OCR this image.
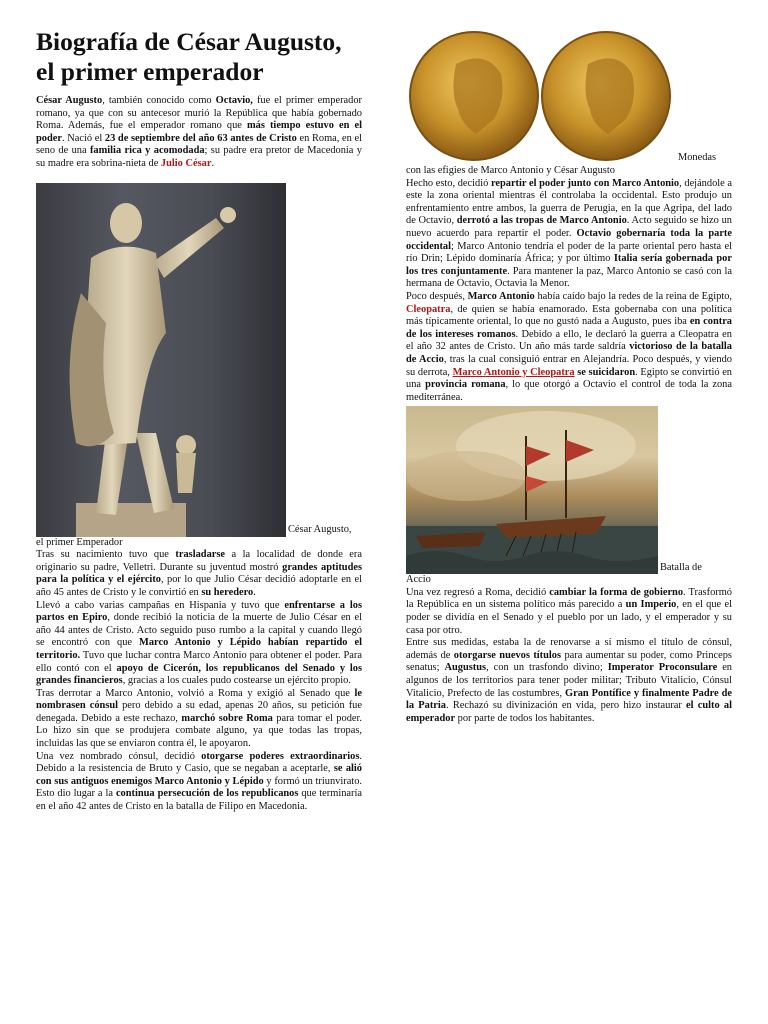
Biografía de César Augusto, el primer emperador

César Augusto, también conocido como Octavio, fue el primer emperador romano, ya que con su antecesor murió la República que había gobernado Roma. Además, fue el emperador romano que más tiempo estuvo en el poder. Nació el 23 de septiembre del año 63 antes de Cristo en Roma, en el seno de una familia rica y acomodada; su padre era pretor de Macedonia y su madre era sobrina-nieta de Julio César.

César Augusto,
el primer Emperador

Tras su nacimiento tuvo que trasladarse a la localidad de donde era originario su padre, Velletri. Durante su juventud mostró grandes aptitudes para la política y el ejército, por lo que Julio César decidió adoptarle en el año 45 antes de Cristo y le convirtió en su heredero.

Llevó a cabo varias campañas en Hispania y tuvo que enfrentarse a los partos en Epiro, donde recibió la noticia de la muerte de Julio César en el año 44 antes de Cristo. Acto seguido puso rumbo a la capital y cuando llegó se encontró con que Marco Antonio y Lépido habían repartido el territorio. Tuvo que luchar contra Marco Antonio para obtener el poder. Para ello contó con el apoyo de Cicerón, los republicanos del Senado y los grandes financieros, gracias a los cuales pudo costearse un ejército propio.

Tras derrotar a Marco Antonio, volvió a Roma y exigió al Senado que le nombrasen cónsul pero debido a su edad, apenas 20 años, su petición fue denegada. Debido a este rechazo, marchó sobre Roma para tomar el poder. Lo hizo sin que se produjera combate alguno, ya que todas las tropas, incluidas las que se enviaron contra él, le apoyaron.

Una vez nombrado cónsul, decidió otorgarse poderes extraordinarios. Debido a la resistencia de Bruto y Casio, que se negaban a aceptarle, se alió con sus antiguos enemigos Marco Antonio y Lépido y formó un triunvirato. Esto dio lugar a la continua persecución de los republicanos que terminaría en el año 42 antes de Cristo en la batalla de Filipo en Macedonia.

Monedas
con las efigies de Marco Antonio y César Augusto

Hecho esto, decidió repartir el poder junto con Marco Antonio, dejándole a este la zona oriental mientras él controlaba la occidental. Esto produjo un enfrentamiento entre ambos, la guerra de Perugia, en la que Agripa, del lado de Octavio, derrotó a las tropas de Marco Antonio. Acto seguido se hizo un nuevo acuerdo para repartir el poder. Octavio gobernaría toda la parte occidental; Marco Antonio tendría el poder de la parte oriental pero hasta el río Drin; Lépido dominaría África; y por último Italia sería gobernada por los tres conjuntamente. Para mantener la paz, Marco Antonio se casó con la hermana de Octavio, Octavia la Menor.

Poco después, Marco Antonio había caído bajo la redes de la reina de Egipto, Cleopatra, de quien se había enamorado. Esta gobernaba con una política más típicamente oriental, lo que no gustó nada a Augusto, pues iba en contra de los intereses romanos. Debido a ello, le declaró la guerra a Cleopatra en el año 32 antes de Cristo. Un año más tarde saldría victorioso de la batalla de Accio, tras la cual consiguió entrar en Alejandría. Poco después, y viendo su derrota, Marco Antonio y Cleopatra se suicidaron. Egipto se convirtió en una provincia romana, lo que otorgó a Octavio el control de toda la zona mediterránea.

Batalla de
Accio

Una vez regresó a Roma, decidió cambiar la forma de gobierno. Trasformó la República en un sistema político más parecido a un Imperio, en el que el poder se dividía en el Senado y el pueblo por un lado, y el emperador y su casa por otro.

Entre sus medidas, estaba la de renovarse a sí mismo el título de cónsul, además de otorgarse nuevos títulos para aumentar su poder, como Princeps senatus; Augustus, con un trasfondo divino; Imperator Proconsulare en algunos de los territorios para tener poder militar; Tributo Vitalicio, Cónsul Vitalicio, Prefecto de las costumbres, Gran Pontífice y finalmente Padre de la Patria. Rechazó su divinización en vida, pero hizo instaurar el culto al emperador por parte de todos los habitantes.
